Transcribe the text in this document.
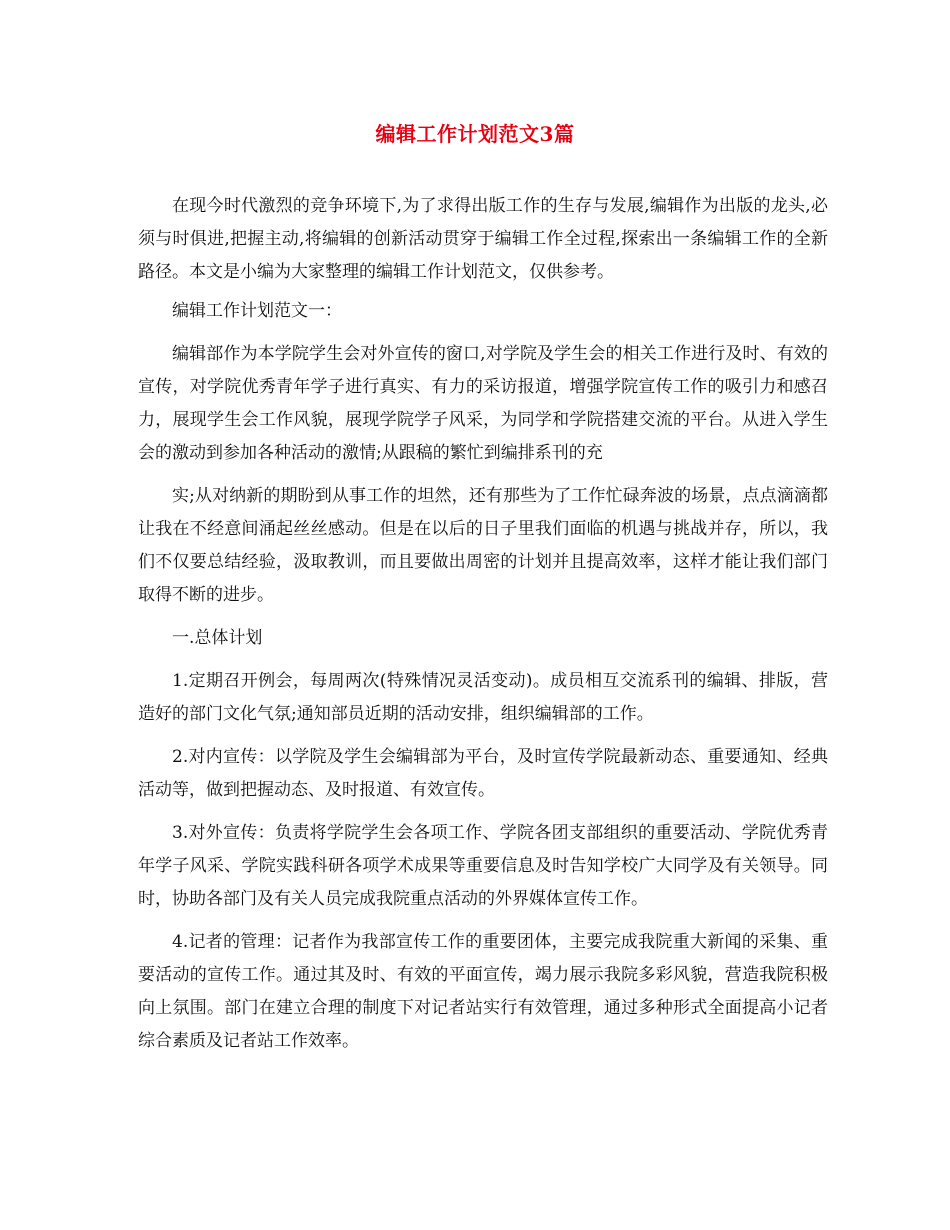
编辑工作计划范文3篇

在现今时代激烈的竞争环境下,为了求得出版工作的生存与发展,编辑作为出版的龙头,必须与时俱进,把握主动,将编辑的创新活动贯穿于编辑工作全过程,探索出一条编辑工作的全新路径。本文是小编为大家整理的编辑工作计划范文，仅供参考。

编辑工作计划范文一：

编辑部作为本学院学生会对外宣传的窗口,对学院及学生会的相关工作进行及时、有效的宣传，对学院优秀青年学子进行真实、有力的采访报道，增强学院宣传工作的吸引力和感召力，展现学生会工作风貌，展现学院学子风采，为同学和学院搭建交流的平台。从进入学生会的激动到参加各种活动的激情;从跟稿的繁忙到编排系刊的充

实;从对纳新的期盼到从事工作的坦然，还有那些为了工作忙碌奔波的场景，点点滴滴都让我在不经意间涌起丝丝感动。但是在以后的日子里我们面临的机遇与挑战并存，所以，我们不仅要总结经验，汲取教训，而且要做出周密的计划并且提高效率，这样才能让我们部门取得不断的进步。

一.总体计划

1.定期召开例会，每周两次(特殊情况灵活变动)。成员相互交流系刊的编辑、排版，营造好的部门文化气氛;通知部员近期的活动安排，组织编辑部的工作。

2.对内宣传：以学院及学生会编辑部为平台，及时宣传学院最新动态、重要通知、经典活动等，做到把握动态、及时报道、有效宣传。

3.对外宣传：负责将学院学生会各项工作、学院各团支部组织的重要活动、学院优秀青年学子风采、学院实践科研各项学术成果等重要信息及时告知学校广大同学及有关领导。同时，协助各部门及有关人员完成我院重点活动的外界媒体宣传工作。

4.记者的管理：记者作为我部宣传工作的重要团体，主要完成我院重大新闻的采集、重要活动的宣传工作。通过其及时、有效的平面宣传，竭力展示我院多彩风貌，营造我院积极向上氛围。部门在建立合理的制度下对记者站实行有效管理，通过多种形式全面提高小记者综合素质及记者站工作效率。
